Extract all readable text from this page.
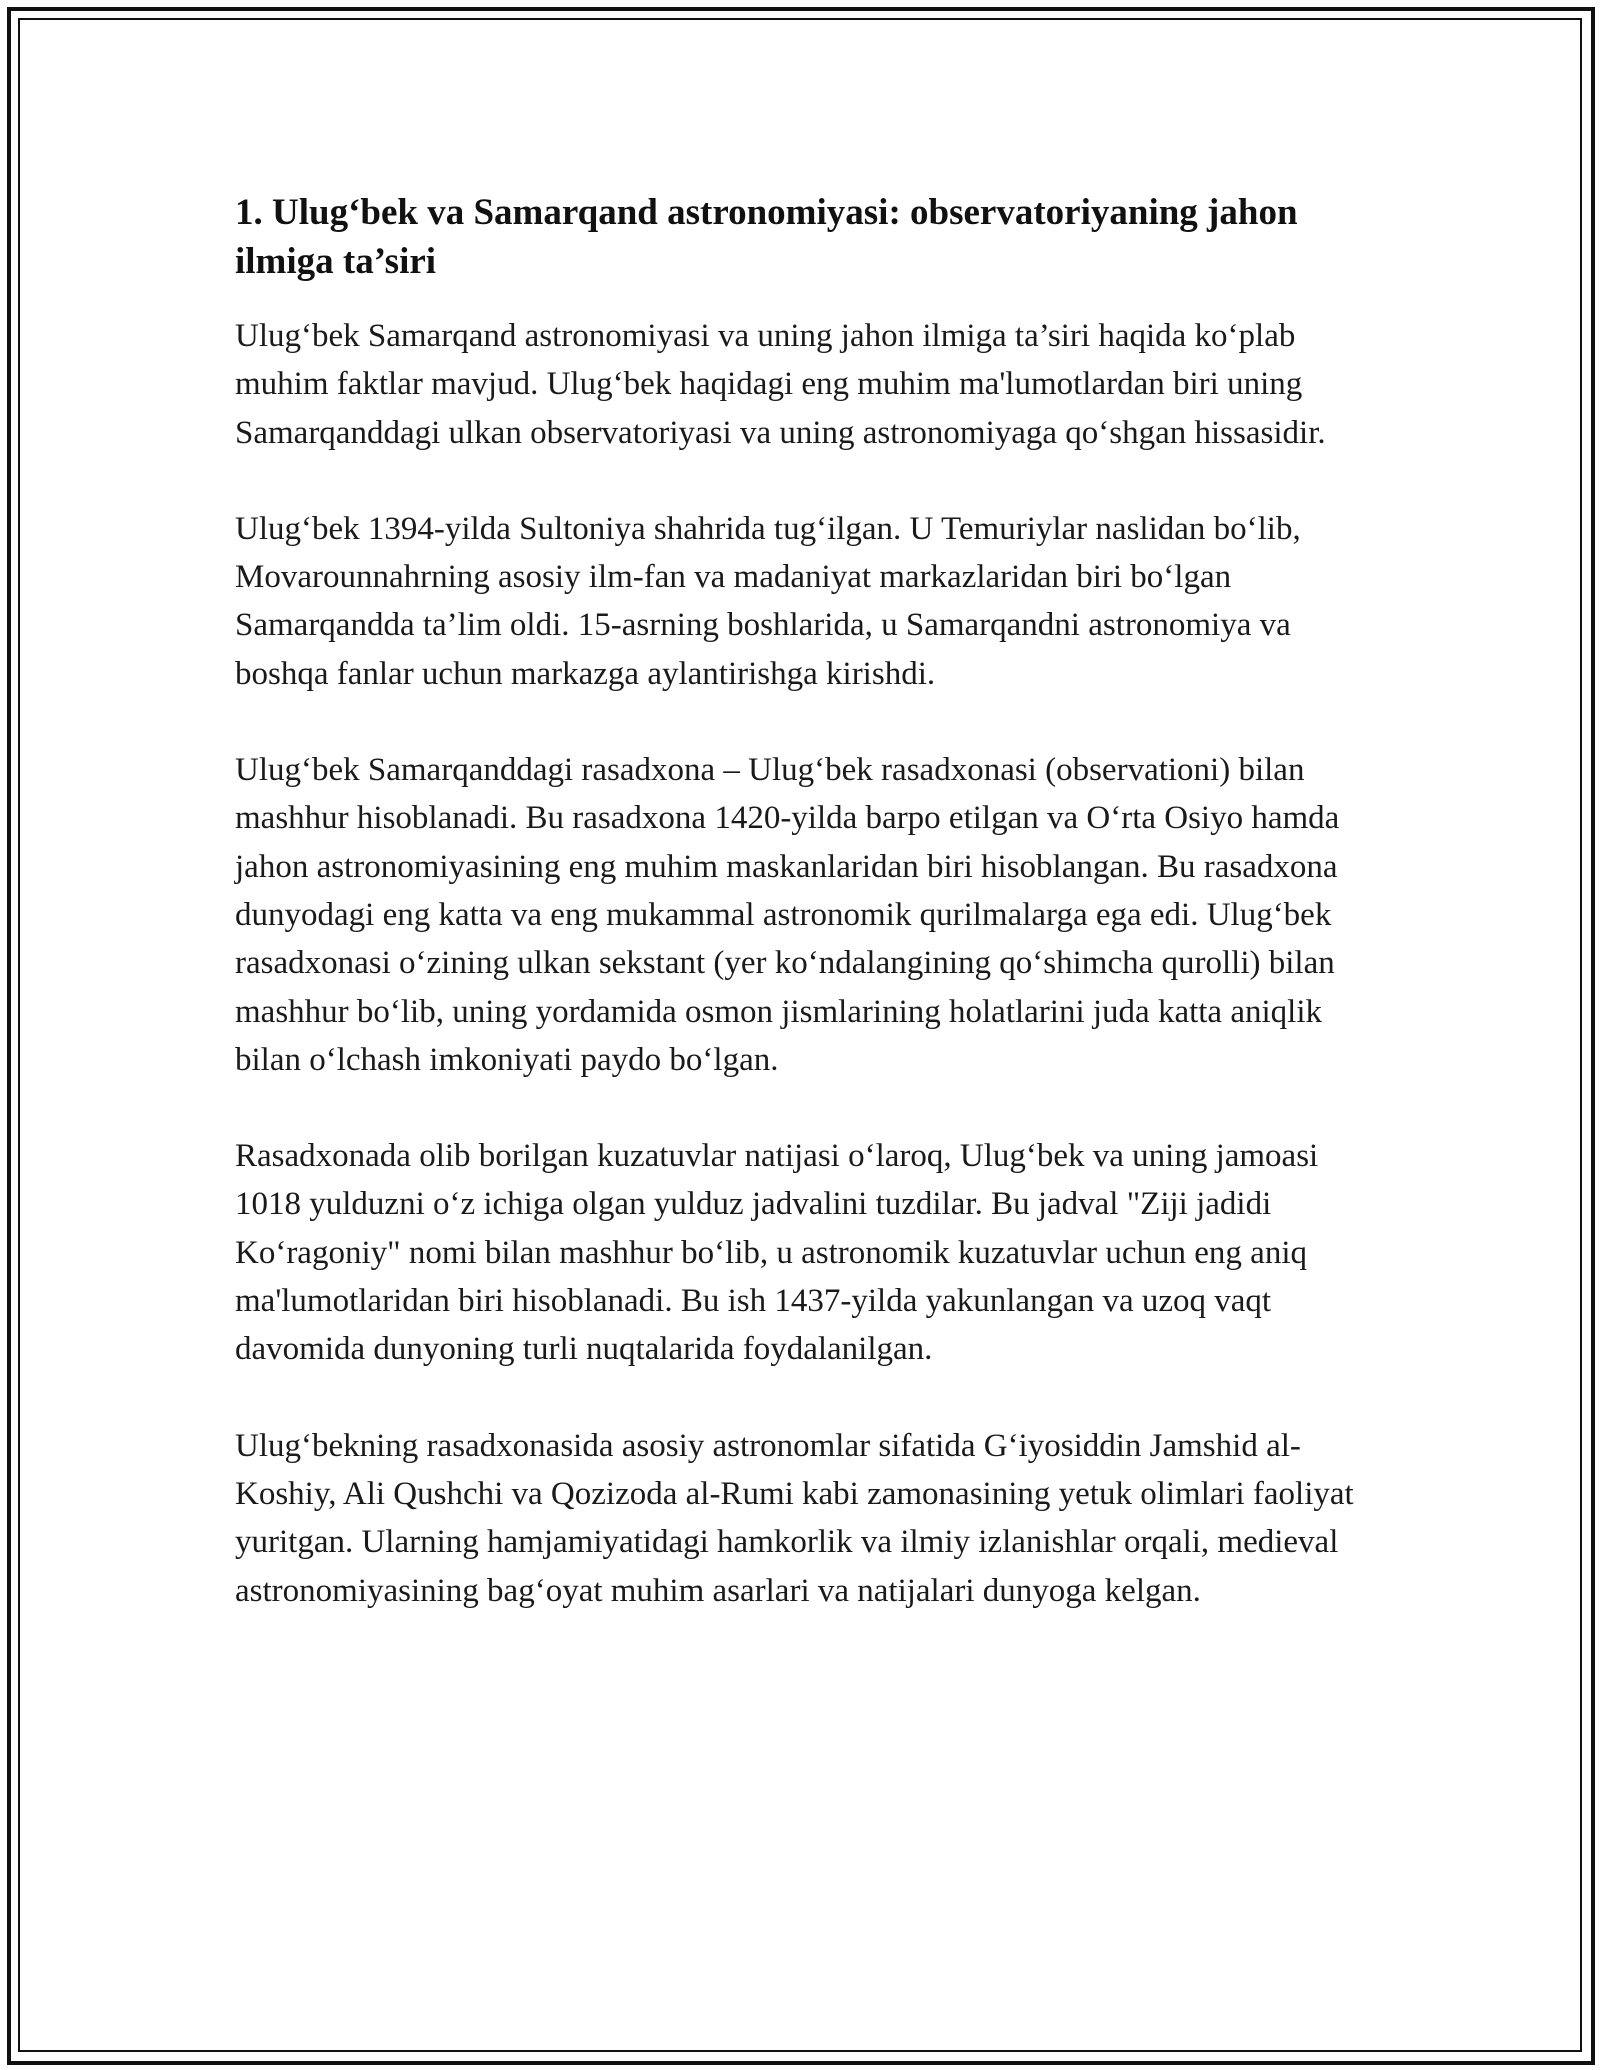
1. Ulug‘bek va Samarqand astronomiyasi: observatoriyaning jahon ilmiga ta’siri

Ulug‘bek Samarqand astronomiyasi va uning jahon ilmiga ta’siri haqida ko‘plab muhim faktlar mavjud. Ulug‘bek haqidagi eng muhim ma'lumotlardan biri uning Samarqanddagi ulkan observatoriyasi va uning astronomiyaga qo‘shgan hissasidir.

Ulug‘bek 1394-yilda Sultoniya shahrida tug‘ilgan. U Temuriylar naslidan bo‘lib, Movarounnahrning asosiy ilm-fan va madaniyat markazlaridan biri bo‘lgan Samarqandda ta’lim oldi. 15-asrning boshlarida, u Samarqandni astronomiya va boshqa fanlar uchun markazga aylantirishga kirishdi.

Ulug‘bek Samarqanddagi rasadxona – Ulug‘bek rasadxonasi (observationi) bilan mashhur hisoblanadi. Bu rasadxona 1420-yilda barpo etilgan va O‘rta Osiyo hamda jahon astronomiyasining eng muhim maskanlaridan biri hisoblangan. Bu rasadxona dunyodagi eng katta va eng mukammal astronomik qurilmalarga ega edi. Ulug‘bek rasadxonasi o‘zining ulkan sekstant (yer ko‘ndalangining qo‘shimcha qurolli) bilan mashhur bo‘lib, uning yordamida osmon jismlarining holatlarini juda katta aniqlik bilan o‘lchash imkoniyati paydo bo‘lgan.

Rasadxonada olib borilgan kuzatuvlar natijasi o‘laroq, Ulug‘bek va uning jamoasi 1018 yulduzni o‘z ichiga olgan yulduz jadvalini tuzdilar. Bu jadval "Ziji jadidi Ko‘ragoniy" nomi bilan mashhur bo‘lib, u astronomik kuzatuvlar uchun eng aniq ma'lumotlaridan biri hisoblanadi. Bu ish 1437-yilda yakunlangan va uzoq vaqt davomida dunyoning turli nuqtalarida foydalanilgan.

Ulug‘bekning rasadxonasida asosiy astronomlar sifatida G‘iyosiddin Jamshid al-Koshiy, Ali Qushchi va Qozizoda al-Rumi kabi zamonasining yetuk olimlari faoliyat yuritgan. Ularning hamjamiyatidagi hamkorlik va ilmiy izlanishlar orqali, medieval astronomiyasining bag‘oyat muhim asarlari va natijalari dunyoga kelgan.
